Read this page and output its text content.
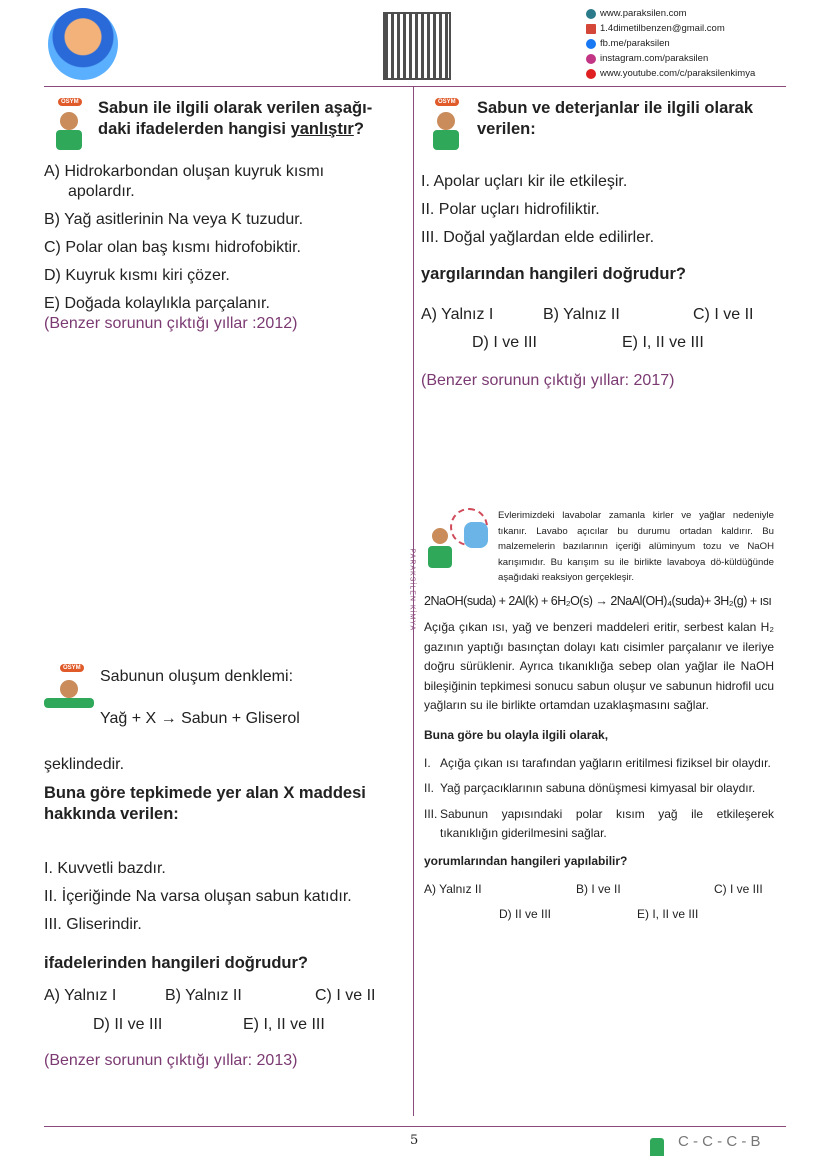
www.paraksilen.com
1.4dimetilbenzen@gmail.com
fb.me/paraksilen
instagram.com/paraksilen
www.youtube.com/c/paraksilenkimya
PARAKSİLEN KİMYA
ÖSYM Sabun ile ilgili olarak verilen aşağı-
daki ifadelerden hangisi yanlıştır?
A) Hidrokarbondan oluşan kuyruk kısmı
apolardır.
B) Yağ asitlerinin Na veya K tuzudur.
C) Polar olan baş kısmı hidrofobiktir.
D) Kuyruk kısmı kiri çözer.
E) Doğada kolaylıkla parçalanır.
(Benzer sorunun çıktığı yıllar :2012)
ÖSYM Sabunun oluşum denklemi:
Yağ + X → Sabun + Gliserol
şeklindedir.
Buna göre tepkimede yer alan X maddesi
hakkında verilen:
I. Kuvvetli bazdır.
II. İçeriğinde Na varsa oluşan sabun katıdır.
III. Gliserindir.
ifadelerinden hangileri doğrudur?
A) Yalnız I	B) Yalnız II	C) I ve II
D) II ve III	E) I, II ve III
(Benzer sorunun çıktığı yıllar: 2013)
ÖSYM Sabun ve deterjanlar ile ilgili olarak
verilen:
I. Apolar uçları kir ile etkileşir.
II. Polar uçları hidrofiliktir.
III. Doğal yağlardan elde edilirler.
yargılarından hangileri doğrudur?
A) Yalnız I	B) Yalnız II	C) I ve II
D) I ve III	E) I, II ve III
(Benzer sorunun çıktığı yıllar: 2017)
Evlerimizdeki lavabolar zamanla kirler ve yağlar nedeniyle tıkanır. Lavabo açıcılar bu durumu ortadan kaldırır. Bu malzemelerin bazılarının içeriği alüminyum tozu ve NaOH karışımıdır. Bu karışım su ile birlikte lavaboya dö-küldüğünde aşağıdaki reaksiyon gerçekleşir.
2NaOH(suda) + 2Al(k) + 6H₂O(s) → 2NaAl(OH)₄(suda)+ 3H₂(g) + ısı
Açığa çıkan ısı, yağ ve benzeri maddeleri eritir, serbest kalan H₂ gazının yaptığı basınçtan dolayı katı cisimler parçalanır ve ileriye doğru sürüklenir. Ayrıca tıkanıklığa sebep olan yağlar ile NaOH bileşiğinin tepkimesi sonucu sabun oluşur ve sabunun hidrofil ucu yağların su ile birlikte ortamdan uzaklaşmasını sağlar.
Buna göre bu olayla ilgili olarak,
I. Açığa çıkan ısı tarafından yağların eritilmesi fiziksel bir olaydır.
II. Yağ parçacıklarının sabuna dönüşmesi kimyasal bir olaydır.
III. Sabunun yapısındaki polar kısım yağ ile etkileşerek tıkanıklığın giderilmesini sağlar.
yorumlarından hangileri yapılabilir?
A) Yalnız II	B) I ve II	C) I ve III
D) II ve III	E) I, II ve III
5	C - C - C - B
